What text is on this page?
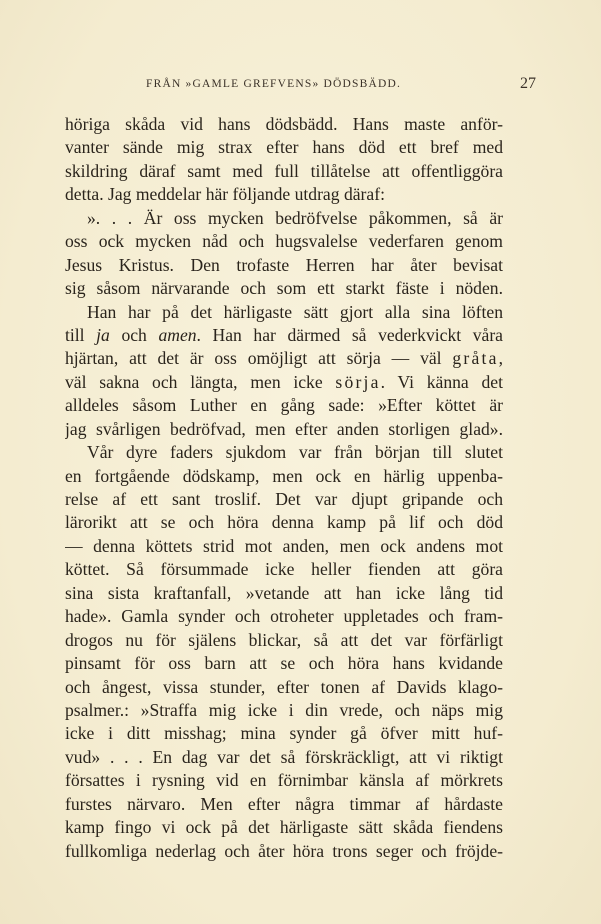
FRÅN »GAMLE GREFVENS» DÖDSBÄDD.	27
höriga skåda vid hans dödsbädd. Hans maste anför-
vanter sände mig strax efter hans död ett bref med
skildring däraf samt med full tillåtelse att offentliggöra
detta. Jag meddelar här följande utdrag däraf:
». . . Är oss mycken bedröfvelse påkommen, så är
oss ock mycken nåd och hugsvalelse vederfaren genom
Jesus Kristus. Den trofaste Herren har åter bevisat
sig såsom närvarande och som ett starkt fäste i nöden.
Han har på det härligaste sätt gjort alla sina löften
till ja och amen. Han har därmed så vederkvickt våra
hjärtan, att det är oss omöjligt att sörja — väl gråta,
väl sakna och längta, men icke sörja. Vi känna det
alldeles såsom Luther en gång sade: »Efter köttet är
jag svårligen bedröfvad, men efter anden storligen glad».
Vår dyre faders sjukdom var från början till slutet
en fortgående dödskamp, men ock en härlig uppenba-
relse af ett sant troslif. Det var djupt gripande och
lärorikt att se och höra denna kamp på lif och död
— denna köttets strid mot anden, men ock andens mot
köttet. Så försummade icke heller fienden att göra
sina sista kraftanfall, »vetande att han icke lång tid
hade». Gamla synder och otroheter uppletades och fram-
drogos nu för själens blickar, så att det var förfärligt
pinsamt för oss barn att se och höra hans kvidande
och ångest, vissa stunder, efter tonen af Davids klago-
psalmer.: »Straffa mig icke i din vrede, och näps mig
icke i ditt misshag; mina synder gå öfver mitt huf-
vud» . . . En dag var det så förskräckligt, att vi riktigt
försattes i rysning vid en förnimbar känsla af mörkrets
furstes närvaro. Men efter några timmar af hårdaste
kamp fingo vi ock på det härligaste sätt skåda fiendens
fullkomliga nederlag och åter höra trons seger och fröjde-
